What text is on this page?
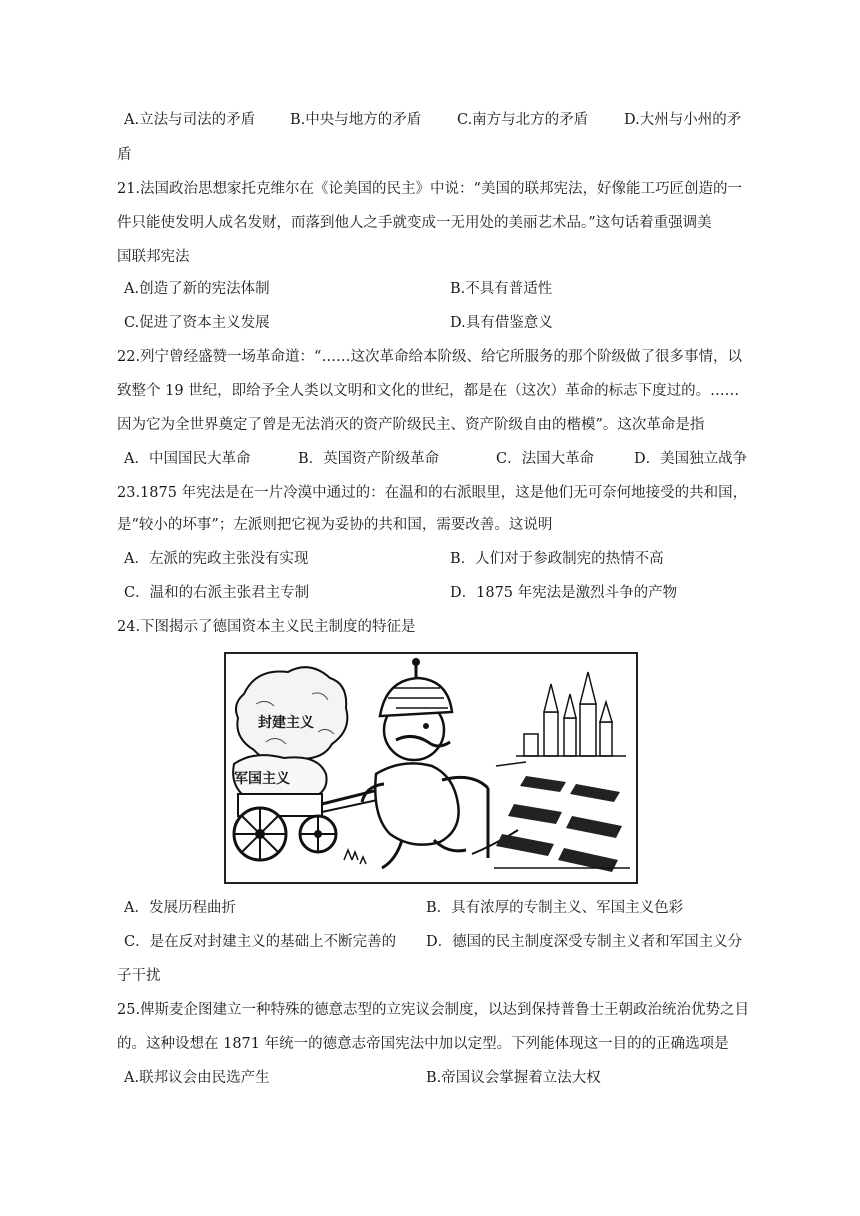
A.立法与司法的矛盾 B.中央与地方的矛盾 C.南方与北方的矛盾 D.大州与小州的矛
盾
21.法国政治思想家托克维尔在《论美国的民主》中说：“美国的联邦宪法，好像能工巧匠创造的一
件只能使发明人成名发财，而落到他人之手就变成一无用处的美丽艺术品。”这句话着重强调美
国联邦宪法
A.创造了新的宪法体制	B.不具有普适性
C.促进了资本主义发展	D.具有借鉴意义
22.列宁曾经盛赞一场革命道：“……这次革命给本阶级、给它所服务的那个阶级做了很多事情，以
致整个 19 世纪，即给予全人类以文明和文化的世纪，都是在（这次）革命的标志下度过的。……
因为它为全世界奠定了曾是无法消灭的资产阶级民主、资产阶级自由的楷模”。这次革命是指
A．中国国民大革命	B．英国资产阶级革命	C．法国大革命	D．美国独立战争
23.1875 年宪法是在一片冷漠中通过的：在温和的右派眼里，这是他们无可奈何地接受的共和国，
是“较小的坏事”；左派则把它视为妥协的共和国，需要改善。这说明
A．左派的宪政主张没有实现	B．人们对于参政制宪的热情不高
C．温和的右派主张君主专制	D．1875 年宪法是激烈斗争的产物
24.下图揭示了德国资本主义民主制度的特征是
封建主义
军国主义
A．发展历程曲折	B．具有浓厚的专制主义、军国主义色彩
C．是在反对封建主义的基础上不断完善的 D．德国的民主制度深受专制主义者和军国主义分
子干扰
25.俾斯麦企图建立一种特殊的德意志型的立宪议会制度，以达到保持普鲁士王朝政治统治优势之目
的。这种设想在 1871 年统一的德意志帝国宪法中加以定型。下列能体现这一目的的正确选项是
A.联邦议会由民选产生	B.帝国议会掌握着立法大权
